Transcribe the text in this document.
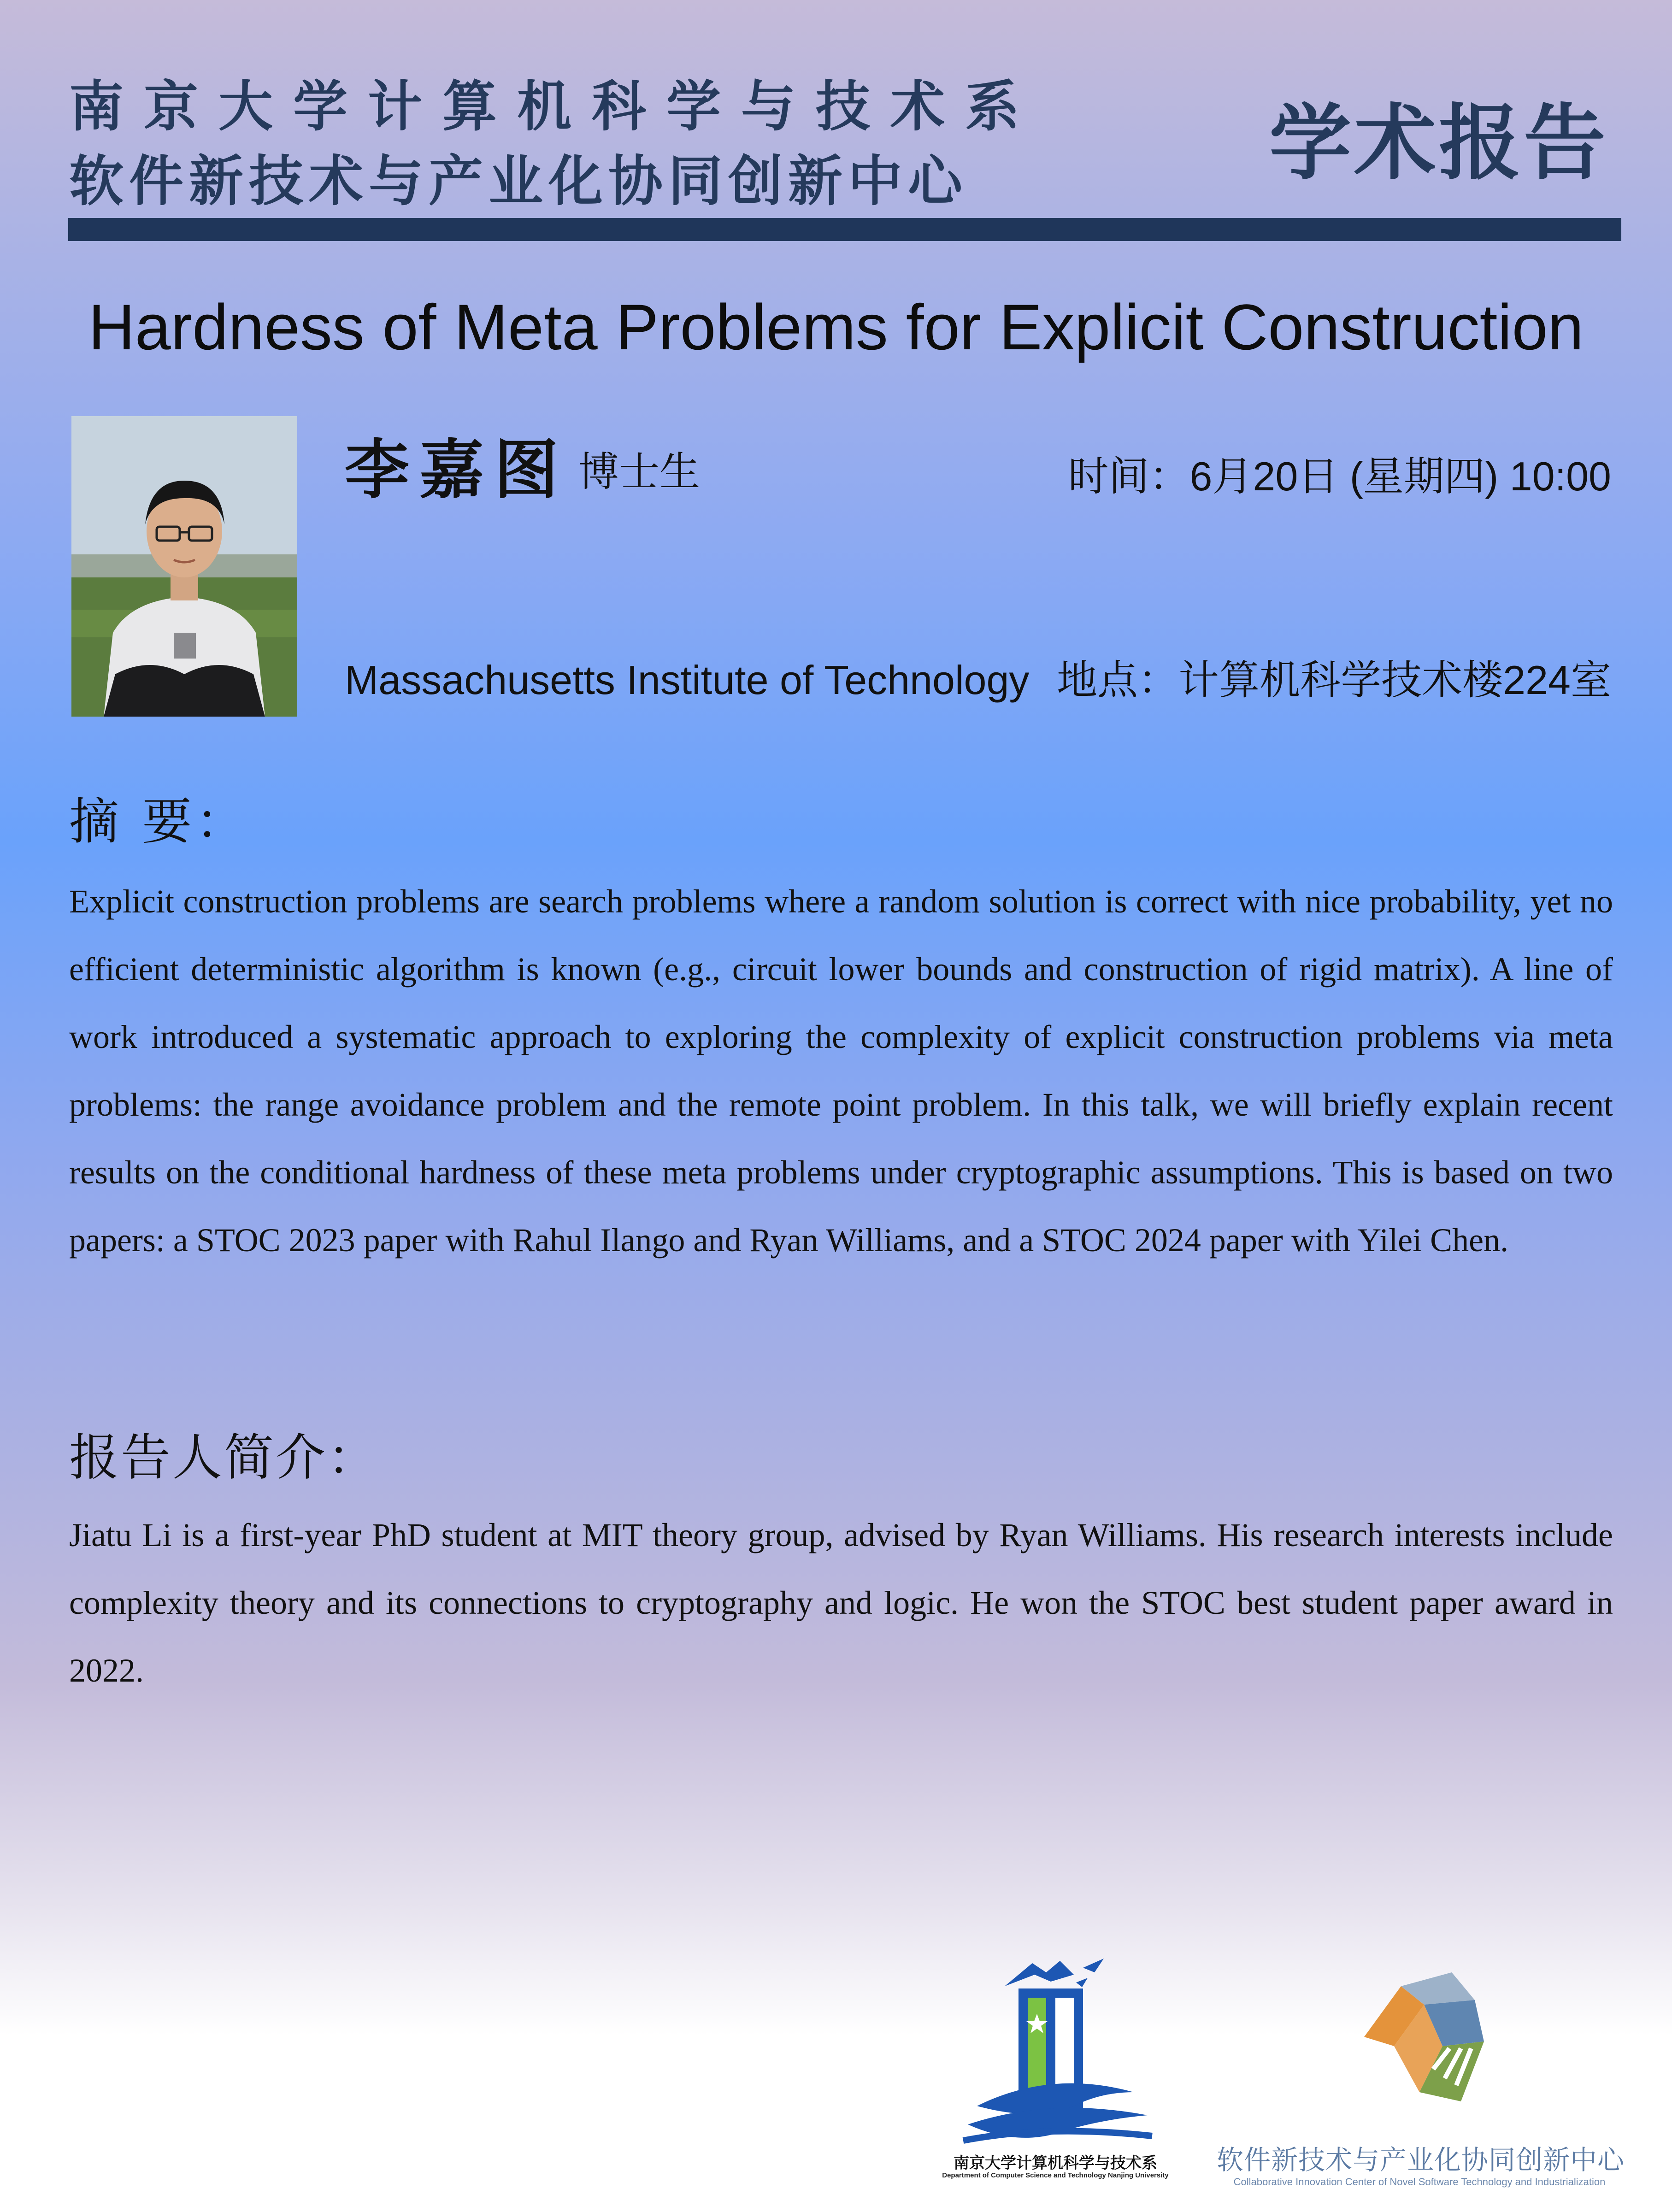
南京大学计算机科学与技术系
软件新技术与产业化协同创新中心	学术报告
Hardness of Meta Problems for Explicit Construction
李嘉图 博士生	时间：6月20日 (星期四) 10:00
Massachusetts Institute of Technology 地点：计算机科学技术楼224室
摘 要：

Explicit construction problems are search problems where a random solution is correct with nice probability, yet no efficient deterministic algorithm is known (e.g., circuit lower bounds and construction of rigid matrix). A line of work introduced a systematic approach to exploring the complexity of explicit construction problems via meta problems: the range avoidance problem and the remote point problem. In this talk, we will briefly explain recent results on the conditional hardness of these meta problems under cryptographic assumptions. This is based on two papers: a STOC 2023 paper with Rahul Ilango and Ryan Williams, and a STOC 2024 paper with Yilei Chen.

报告人简介：

Jiatu Li is a first-year PhD student at MIT theory group, advised by Ryan Williams. His research interests include complexity theory and its connections to cryptography and logic. He won the STOC best student paper award in 2022.

南京大学计算机科学与技术系
Department of Computer Science and Technology Nanjing University 软件新技术与产业化协同创新中心
Collaborative Innovation Center of Novel Software Technology and Industrialization
